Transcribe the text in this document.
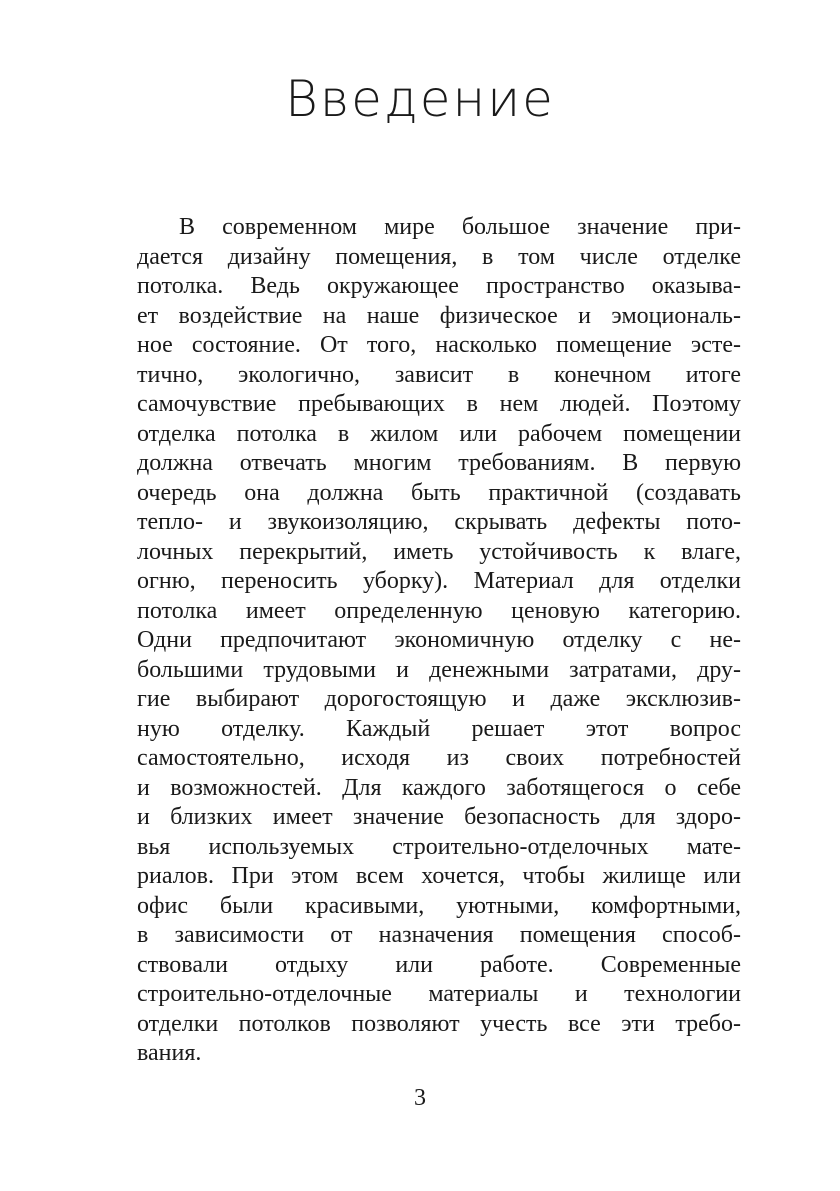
Введение
В современном мире большое значение при-
дается дизайну помещения, в том числе отделке
потолка. Ведь окружающее пространство оказыва-
ет воздействие на наше физическое и эмоциональ-
ное состояние. От того, насколько помещение эсте-
тично, экологично, зависит в конечном итоге
самочувствие пребывающих в нем людей. Поэтому
отделка потолка в жилом или рабочем помещении
должна отвечать многим требованиям. В первую
очередь она должна быть практичной (создавать
тепло- и звукоизоляцию, скрывать дефекты пото-
лочных перекрытий, иметь устойчивость к влаге,
огню, переносить уборку). Материал для отделки
потолка имеет определенную ценовую категорию.
Одни предпочитают экономичную отделку с не-
большими трудовыми и денежными затратами, дру-
гие выбирают дорогостоящую и даже эксклюзив-
ную отделку. Каждый решает этот вопрос
самостоятельно, исходя из своих потребностей
и возможностей. Для каждого заботящегося о себе
и близких имеет значение безопасность для здоро-
вья используемых строительно-отделочных мате-
риалов. При этом всем хочется, чтобы жилище или
офис были красивыми, уютными, комфортными,
в зависимости от назначения помещения способ-
ствовали отдыху или работе. Современные
строительно-отделочные материалы и технологии
отделки потолков позволяют учесть все эти требо-
вания.
3
